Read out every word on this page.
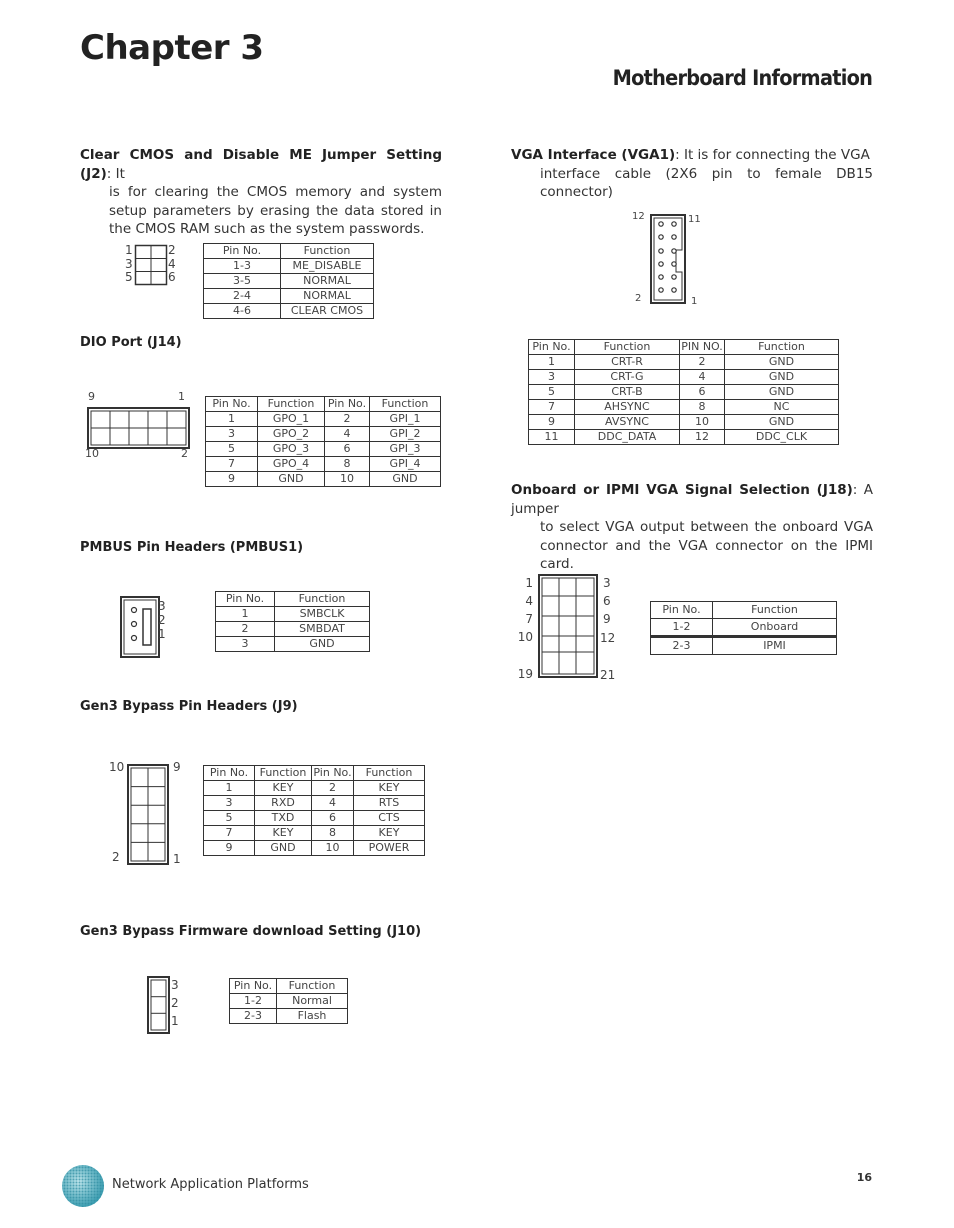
Chapter 3
Motherboard Information
Clear CMOS and Disable ME Jumper Setting (J2): It
is for clearing the CMOS memory and system setup parameters by erasing the data stored in the CMOS RAM such as the system passwords.
1
3
5
2
4
6
Pin No.	Function
1-3	ME_DISABLE
3-5	NORMAL
2-4	NORMAL
4-6	CLEAR CMOS
DIO Port (J14)
9	1
10	2
Pin No.	Function	Pin No.	Function
1	GPO_1	2	GPI_1
3	GPO_2	4	GPI_2
5	GPO_3	6	GPI_3
7	GPO_4	8	GPI_4
9	GND	10	GND
PMBUS Pin Headers (PMBUS1)
3
2
1
Pin No.	Function
1	SMBCLK
2	SMBDAT
3	GND
Gen3 Bypass Pin Headers (J9)
10	9
2	1
Pin No.	Function	Pin No.	Function
1	KEY	2	KEY
3	RXD	4	RTS
5	TXD	6	CTS
7	KEY	8	KEY
9	GND	10	POWER
Gen3 Bypass Firmware download Setting (J10)
3
2
1
Pin No.	Function
1-2	Normal
2-3	Flash
VGA Interface (VGA1): It is for connecting the VGA
interface cable (2X6 pin to female DB15 connector)
12	11
2	1
Pin No.	Function	PIN NO.	Function
1	CRT-R	2	GND
3	CRT-G	4	GND
5	CRT-B	6	GND
7	AHSYNC	8	NC
9	AVSYNC	10	GND
11	DDC_DATA	12	DDC_CLK
Onboard or IPMI VGA Signal Selection (J18): A jumper
to select VGA output between the onboard VGA connector and the VGA connector on the IPMI card.
1
4
7
10
19
3
6
9
12
21
Pin No.	Function
1-2	Onboard
2-3	IPMI
Network Application Platforms	16
